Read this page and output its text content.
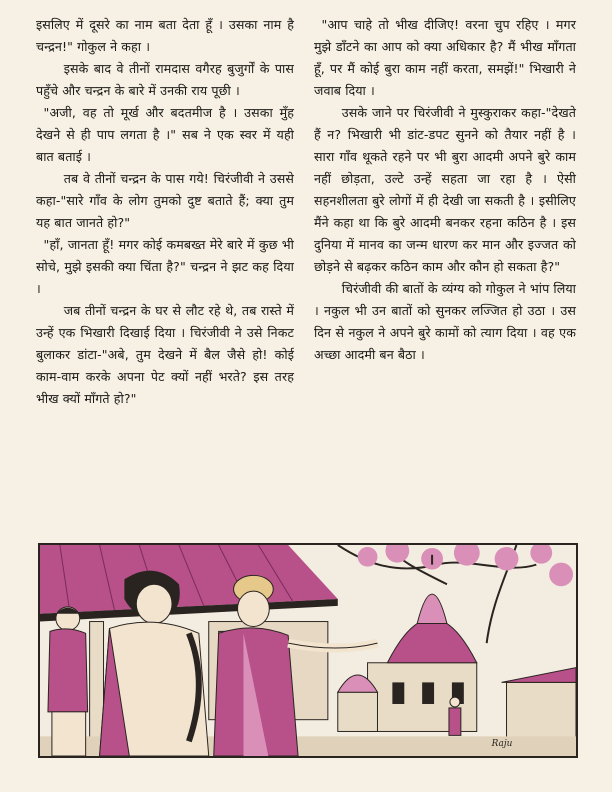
इसलिए में दूसरे का नाम बता देता हूँ । उसका नाम है चन्द्रन!" गोकुल ने कहा ।

इसके बाद वे तीनों रामदास वगैरह बुजुर्गों के पास पहुँचे और चन्द्रन के बारे में उनकी राय पूछी ।

"अजी, वह तो मूर्ख और बदतमीज है । उसका मुँह देखने से ही पाप लगता है ।" सब ने एक स्वर में यही बात बताई ।

तब वे तीनों चन्द्रन के पास गये! चिरंजीवी ने उससे कहा-"सारे गाँव के लोग तुमको दुष्ट बताते हैं; क्या तुम यह बात जानते हो?"

"हाँ, जानता हूँ! मगर कोई कमबख्त मेरे बारे में कुछ भी सोचे, मुझे इसकी क्या चिंता है?" चन्द्रन ने झट कह दिया ।

जब तीनों चन्द्रन के घर से लौट रहे थे, तब रास्ते में उन्हें एक भिखारी दिखाई दिया । चिरंजीवी ने उसे निकट बुलाकर डांटा-"अबे, तुम देखने में बैल जैसे हो! कोई काम-वाम करके अपना पेट क्यों नहीं भरते? इस तरह भीख क्यों माँगते हो?"

"आप चाहे तो भीख दीजिए! वरना चुप रहिए । मगर मुझे डाँटने का आप को क्या अधिकार है? मैं भीख माँगता हूँ, पर मैं कोई बुरा काम नहीं करता, समझें!" भिखारी ने जवाब दिया ।

उसके जाने पर चिरंजीवी ने मुस्कुराकर कहा-"देखते हैं न? भिखारी भी डांट-डपट सुनने को तैयार नहीं है । सारा गाँव थूकते रहने पर भी बुरा आदमी अपने बुरे काम नहीं छोड़ता, उल्टे उन्हें सहता जा रहा है । ऐसी सहनशीलता बुरे लोगों में ही देखी जा सकती है । इसीलिए मैंने कहा था कि बुरे आदमी बनकर रहना कठिन है । इस दुनिया में मानव का जन्म धारण कर मान और इज्जत को छोड़ने से बढ़कर कठिन काम और कौन हो सकता है?"

चिरंजीवी की बातों के व्यंग्य को गोकुल ने भांप लिया । नकुल भी उन बातों को सुनकर लज्जित हो उठा । उस दिन से नकुल ने अपने बुरे कामों को त्याग दिया । वह एक अच्छा आदमी बन बैठा ।

Raju
